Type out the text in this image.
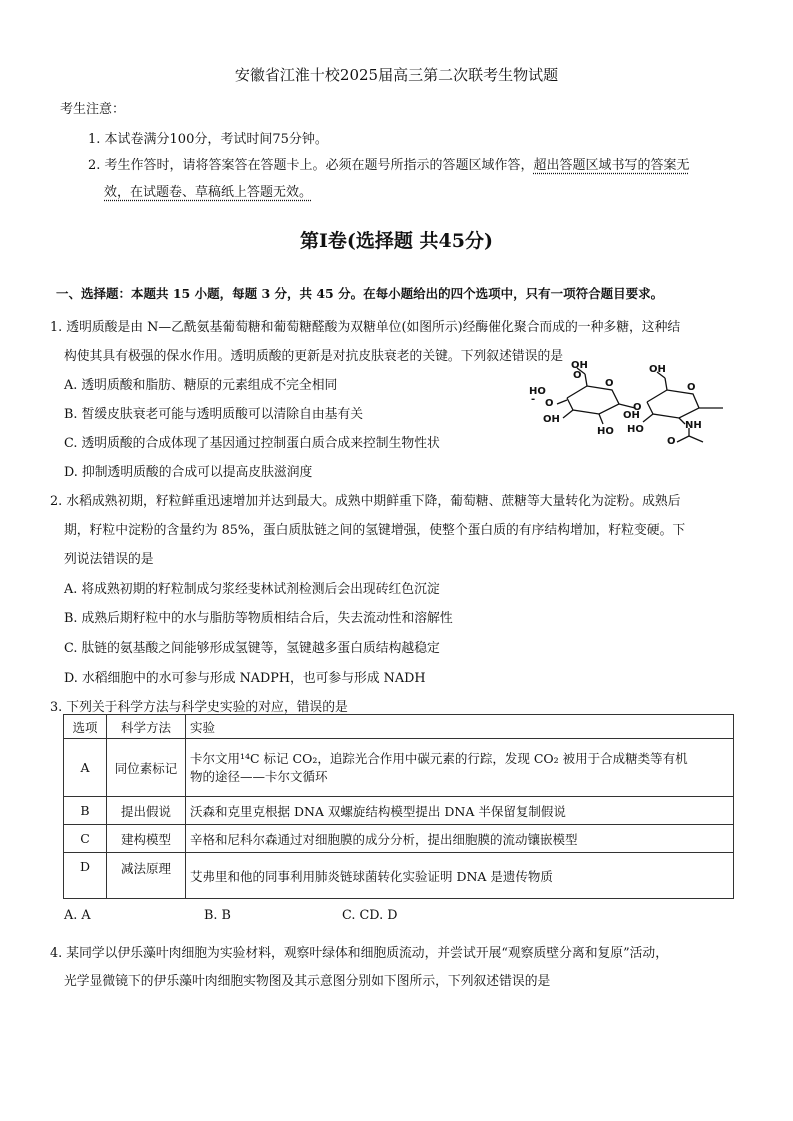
安徽省江淮十校2025届高三第二次联考生物试题
考生注意：
1. 本试卷满分100分，考试时间75分钟。
2. 考生作答时，请将答案答在答题卡上。必须在题号所指示的答题区域作答，超出答题区域书写的答案无
效，在试题卷、草稿纸上答题无效。
第Ⅰ卷(选择题 共45分)
一、选择题：本题共 15 小题，每题 3 分，共 45 分。在每小题给出的四个选项中，只有一项符合题目要求。
1. 透明质酸是由 N—乙酰氨基葡萄糖和葡萄糖醛酸为双糖单位(如图所示)经酶催化聚合而成的一种多糖，这种结
构使其具有极强的保水作用。透明质酸的更新是对抗皮肤衰老的关键。下列叙述错误的是
A. 透明质酸和脂肪、糖原的元素组成不完全相同
B. 皙缓皮肤衰老可能与透明质酸可以清除自由基有关
C. 透明质酸的合成体现了基因通过控制蛋白质合成来控制生物性状
D. 抑制透明质酸的合成可以提高皮肤滋润度
OH
O
- O
O
OH
HO
HO
OH
O
O
OH
HO	NH
O
2. 水稻成熟初期，籽粒鲜重迅速增加并达到最大。成熟中期鲜重下降，葡萄糖、蔗糖等大量转化为淀粉。成熟后
期，籽粒中淀粉的含量约为 85%，蛋白质肽链之间的氢键增强，使整个蛋白质的有序结构增加，籽粒变硬。下
列说法错误的是
A. 将成熟初期的籽粒制成匀浆经斐林试剂检测后会出现砖红色沉淀
B. 成熟后期籽粒中的水与脂肪等物质相结合后，失去流动性和溶解性
C. 肽链的氨基酸之间能够形成氢键等，氢键越多蛋白质结构越稳定
D. 水稻细胞中的水可参与形成 NADPH，也可参与形成 NADH
3. 下列关于科学方法与科学史实验的对应，错误的是
选项	科学方法	实验
A	同位素标记	卡尔文用¹⁴C 标记 CO₂，追踪光合作用中碳元素的行踪，发现 CO₂ 被用于合成糖类等有机
物的途径——卡尔文循环

B	提出假说	沃森和克里克根据 DNA 双螺旋结构模型提出 DNA 半保留复制假说
C	建构模型	辛格和尼科尔森通过对细胞膜的成分分析，提出细胞膜的流动镶嵌模型
D	减法原理	艾弗里和他的同事利用肺炎链球菌转化实验证明 DNA 是遗传物质
A. A	B. B	C. CD. D
4. 某同学以伊乐藻叶肉细胞为实验材料，观察叶绿体和细胞质流动，并尝试开展“观察质壁分离和复原”活动，
光学显微镜下的伊乐藻叶肉细胞实物图及其示意图分别如下图所示，下列叙述错误的是
